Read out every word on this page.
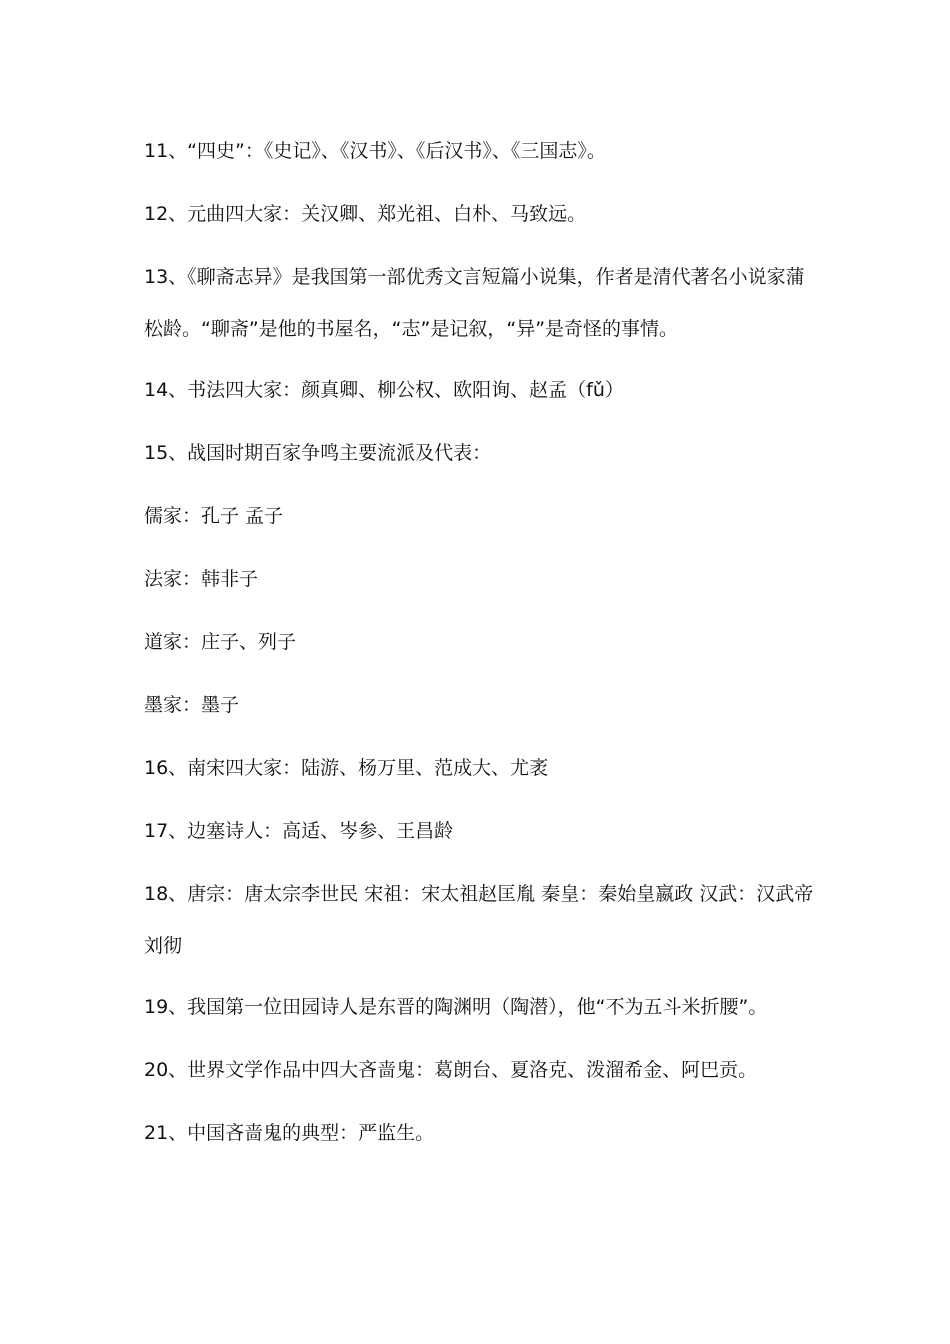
11、“四史”：《史记》、《汉书》、《后汉书》、《三国志》。
12、元曲四大家：关汉卿、郑光祖、白朴、马致远。
13、《聊斋志异》是我国第一部优秀文言短篇小说集，作者是清代著名小说家蒲松龄。“聊斋”是他的书屋名，“志”是记叙，“异”是奇怪的事情。
14、书法四大家：颜真卿、柳公权、欧阳询、赵孟（fǔ）
15、战国时期百家争鸣主要流派及代表：
儒家：孔子 孟子
法家：韩非子
道家：庄子、列子
墨家：墨子
16、南宋四大家：陆游、杨万里、范成大、尤袤
17、边塞诗人：高适、岑参、王昌龄
18、唐宗：唐太宗李世民 宋祖：宋太祖赵匡胤 秦皇：秦始皇嬴政 汉武：汉武帝刘彻
19、我国第一位田园诗人是东晋的陶渊明（陶潜），他“不为五斗米折腰”。
20、世界文学作品中四大吝啬鬼：葛朗台、夏洛克、泼溜希金、阿巴贡。
21、中国吝啬鬼的典型：严监生。
